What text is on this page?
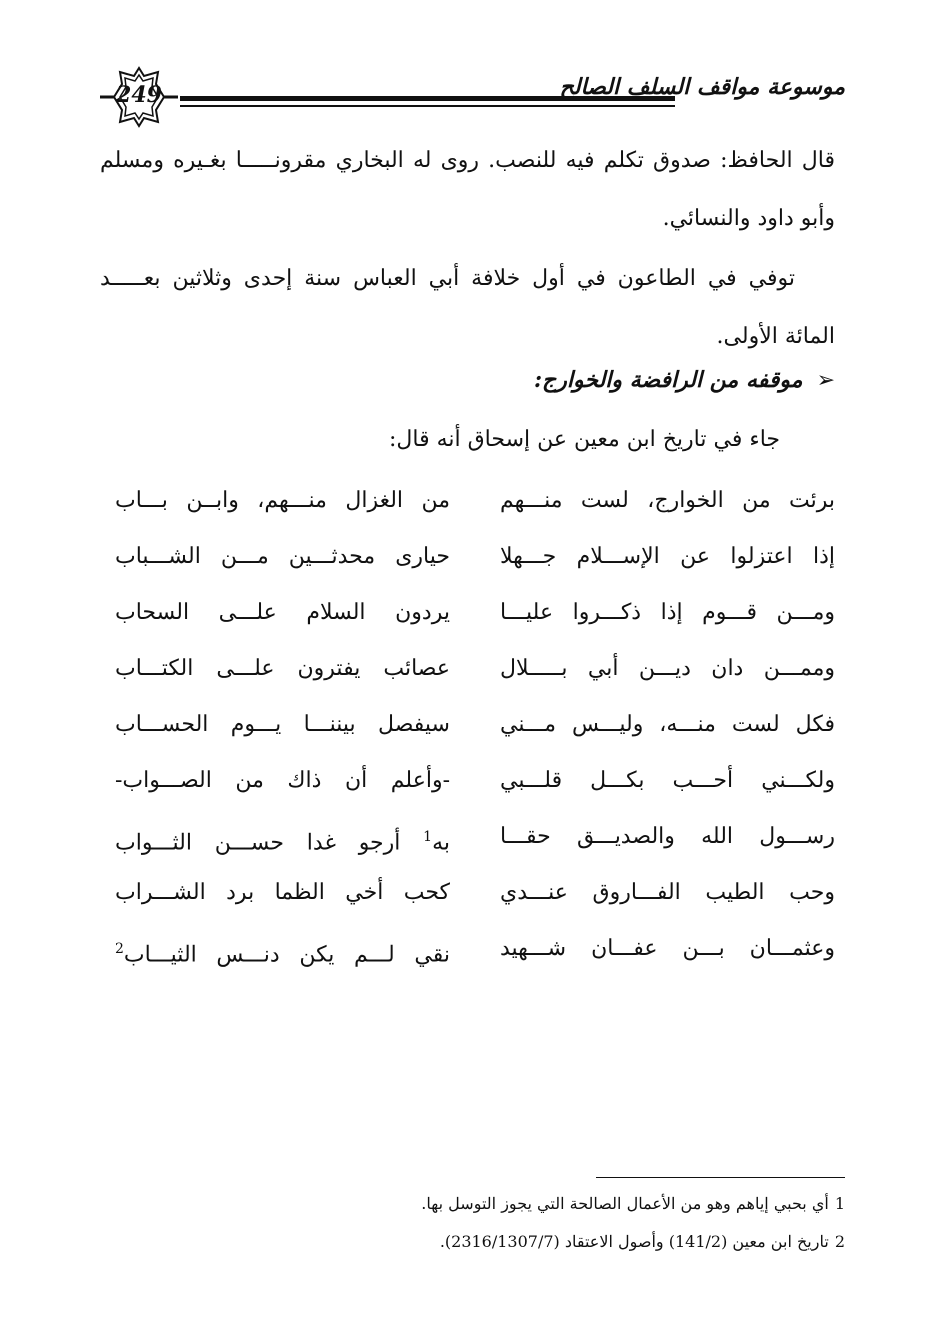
249	موسوعة مواقف السلف الصالح
قال الحافظ: صدوق تكلم فيه للنصب. روى له البخاري مقرونـــــا بغـيره ومسلم وأبو داود والنسائي.
توفي في الطاعون في أول خلافة أبي العباس سنة إحدى وثلاثين بعـــــد المائة الأولى.
➢موقفه من الرافضة والخوارج:
جاء في تاريخ ابن معين عن إسحاق أنه قال:
برئت من الخوارج، لست منـــهم
من الغزال منـــهم، وابــن بـــاب
إذا اعتزلوا عن الإســـلام جـــهلا
حيارى محدثـــين مـــن الشـــباب
ومـــن قـــوم إذا ذكـــروا عليـــا
يردون السلام علـــى السحاب
وممـــن دان ديـــن أبي بـــــلال
عصائب يفترون علـــى الكتـــاب
فكل لست منـــه، وليـــس مـــني
سيفصل بيننـــا يـــوم الحســـاب
ولكـــني أحـــب بكـــل قلـــبي
-وأعلم أن ذاك من الصـــواب-
رســـول الله والصديـــق حقـــا
به$^1$ أرجو غدا حســـن الثـــواب
وحب الطيب الفـــاروق عنـــدي
كحب أخي الظما برد الشـــراب
وعثمـــان بـــن عفـــان شـــهيد
نقي لـــم يكن دنـــس الثيـــاب$^2$
1أي بحبي إياهم وهو من الأعمال الصالحة التي يجوز التوسل بها.
2تاريخ ابن معين (141/2) وأصول الاعتقاد (2316/1307/7).
